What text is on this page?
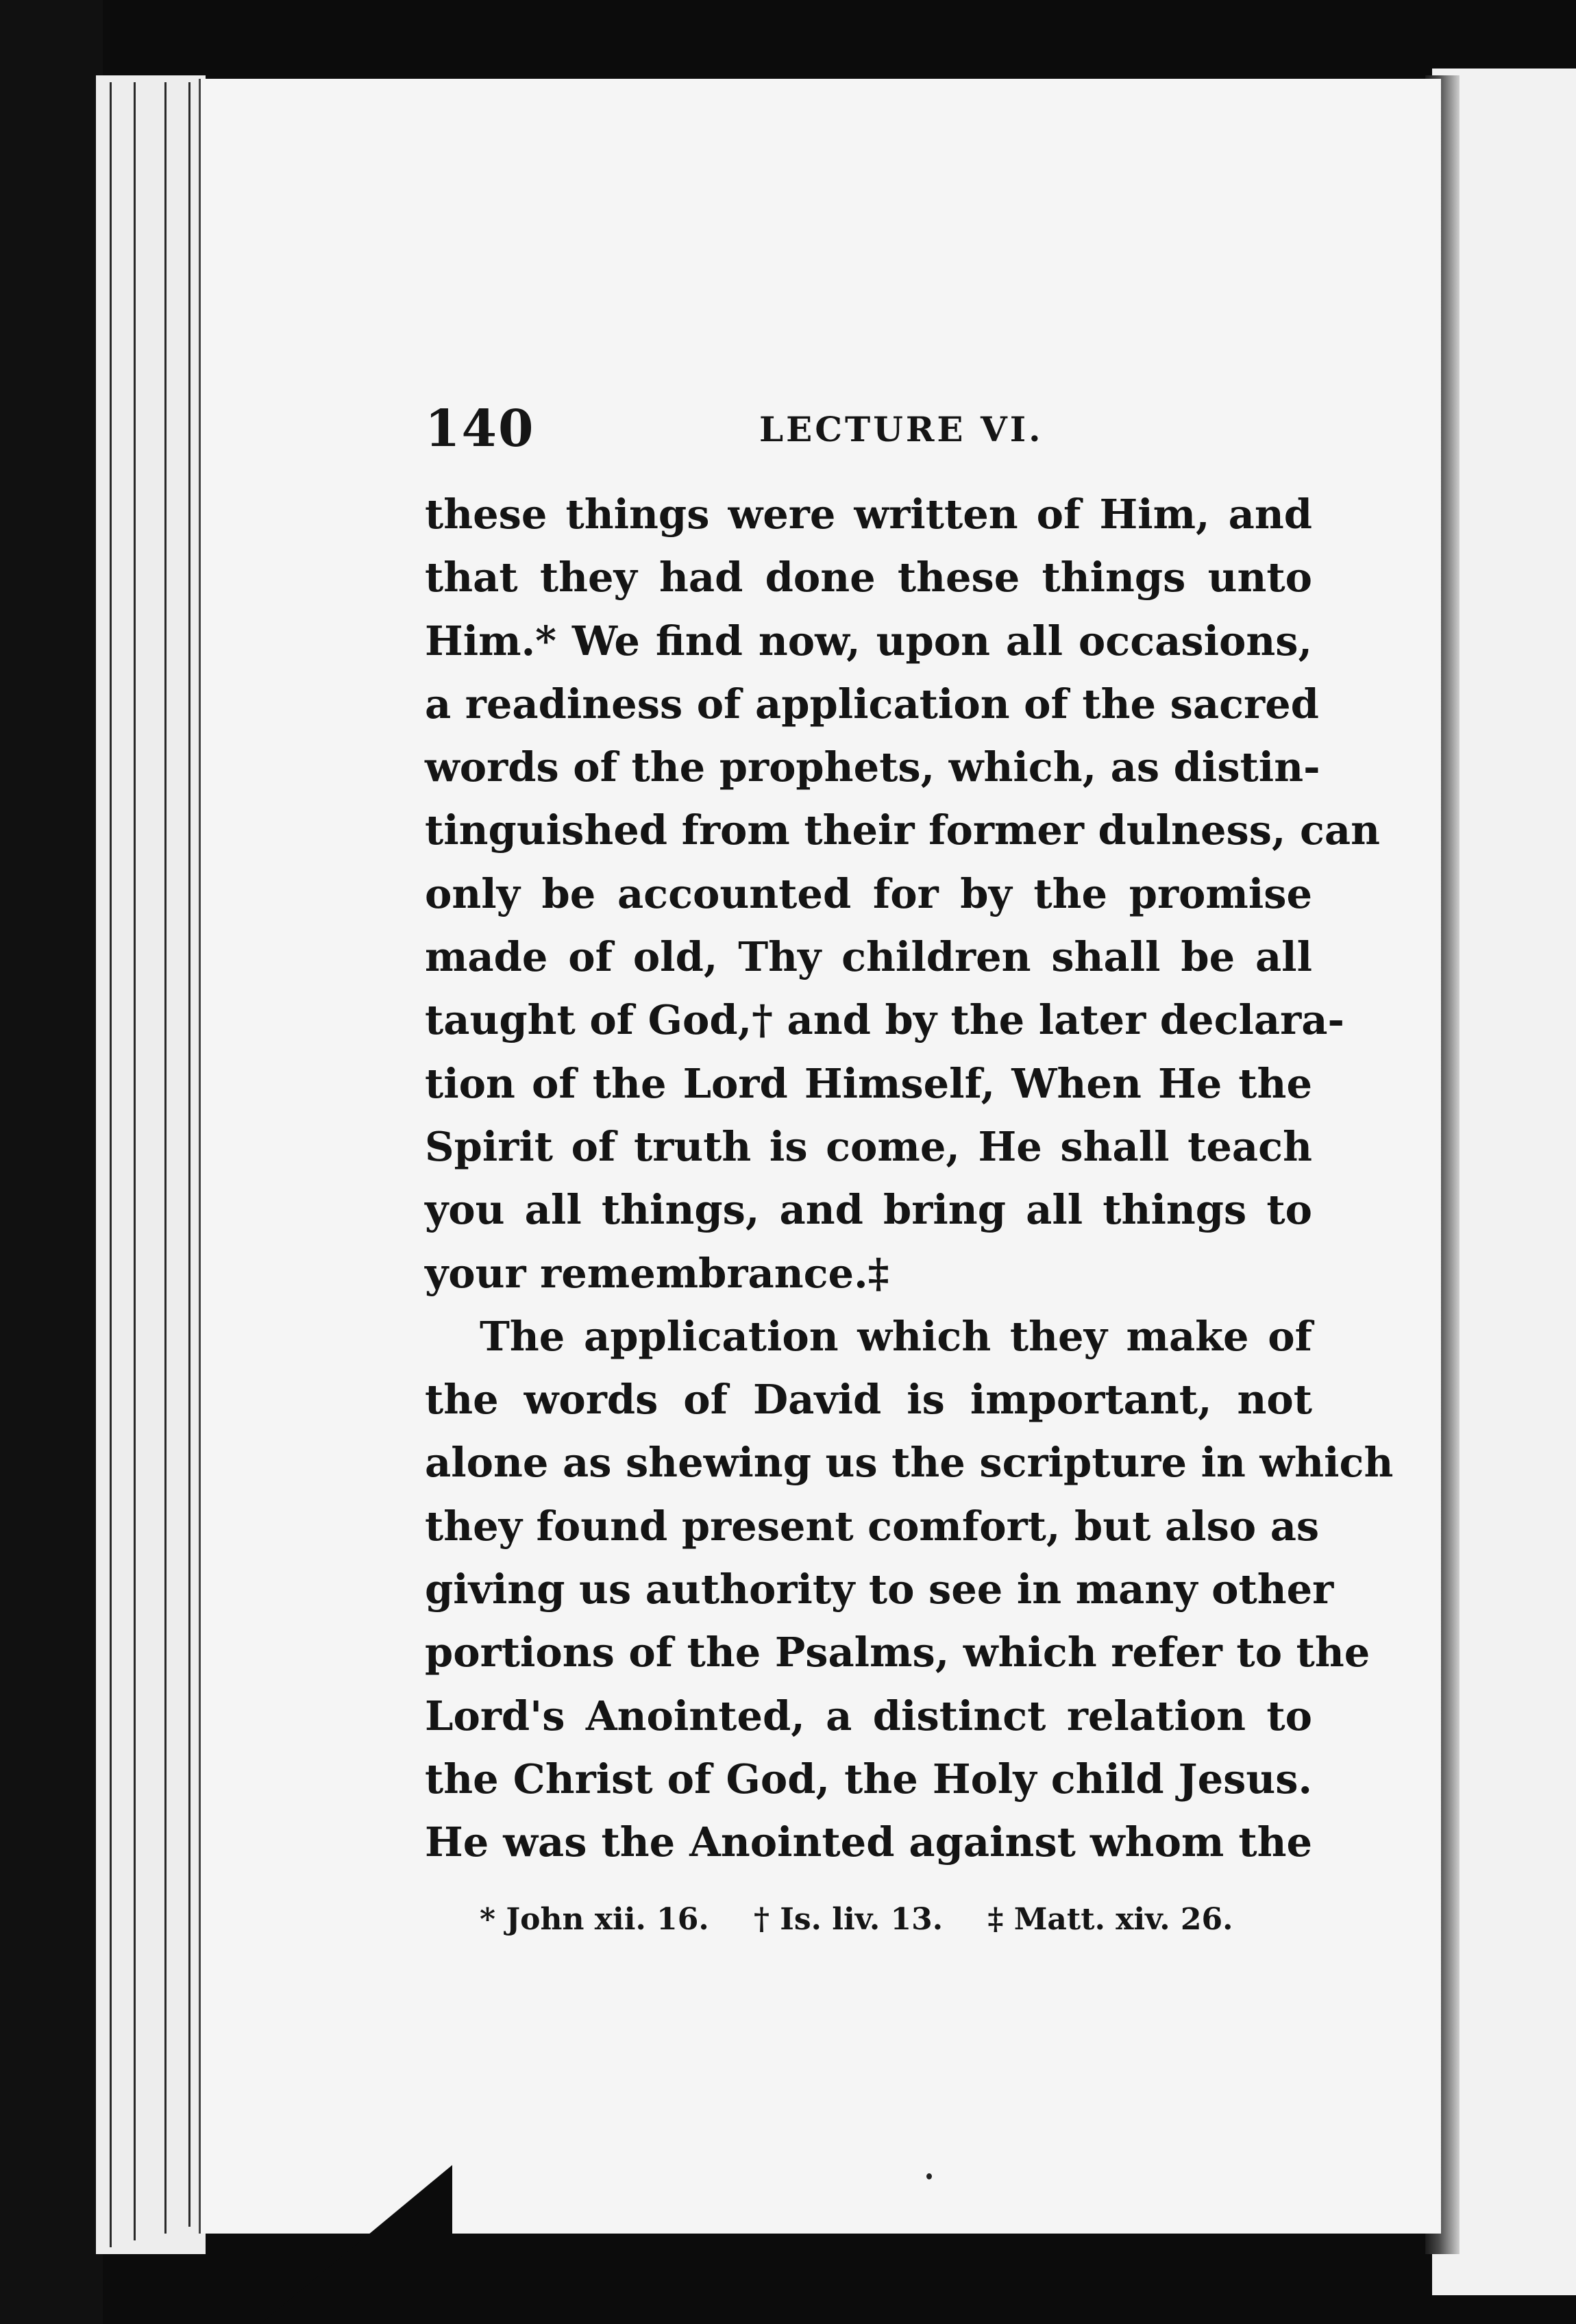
140	LECTURE VI.
these things were written of Him, and
that they had done these things unto
Him.* We find now, upon all occasions,
a readiness of application of the sacred
words of the prophets, which, as distin-
tinguished from their former dulness, can
only be accounted for by the promise
made of old, Thy children shall be all
taught of God,† and by the later declara-
tion of the Lord Himself, When He the
Spirit of truth is come, He shall teach
you all things, and bring all things to
your remembrance.‡
The application which they make of
the words of David is important, not
alone as shewing us the scripture in which
they found present comfort, but also as
giving us authority to see in many other
portions of the Psalms, which refer to the
Lord's Anointed, a distinct relation to
the Christ of God, the Holy child Jesus.
He was the Anointed against whom the
* John xii. 16. † Is. liv. 13. ‡ Matt. xiv. 26.
